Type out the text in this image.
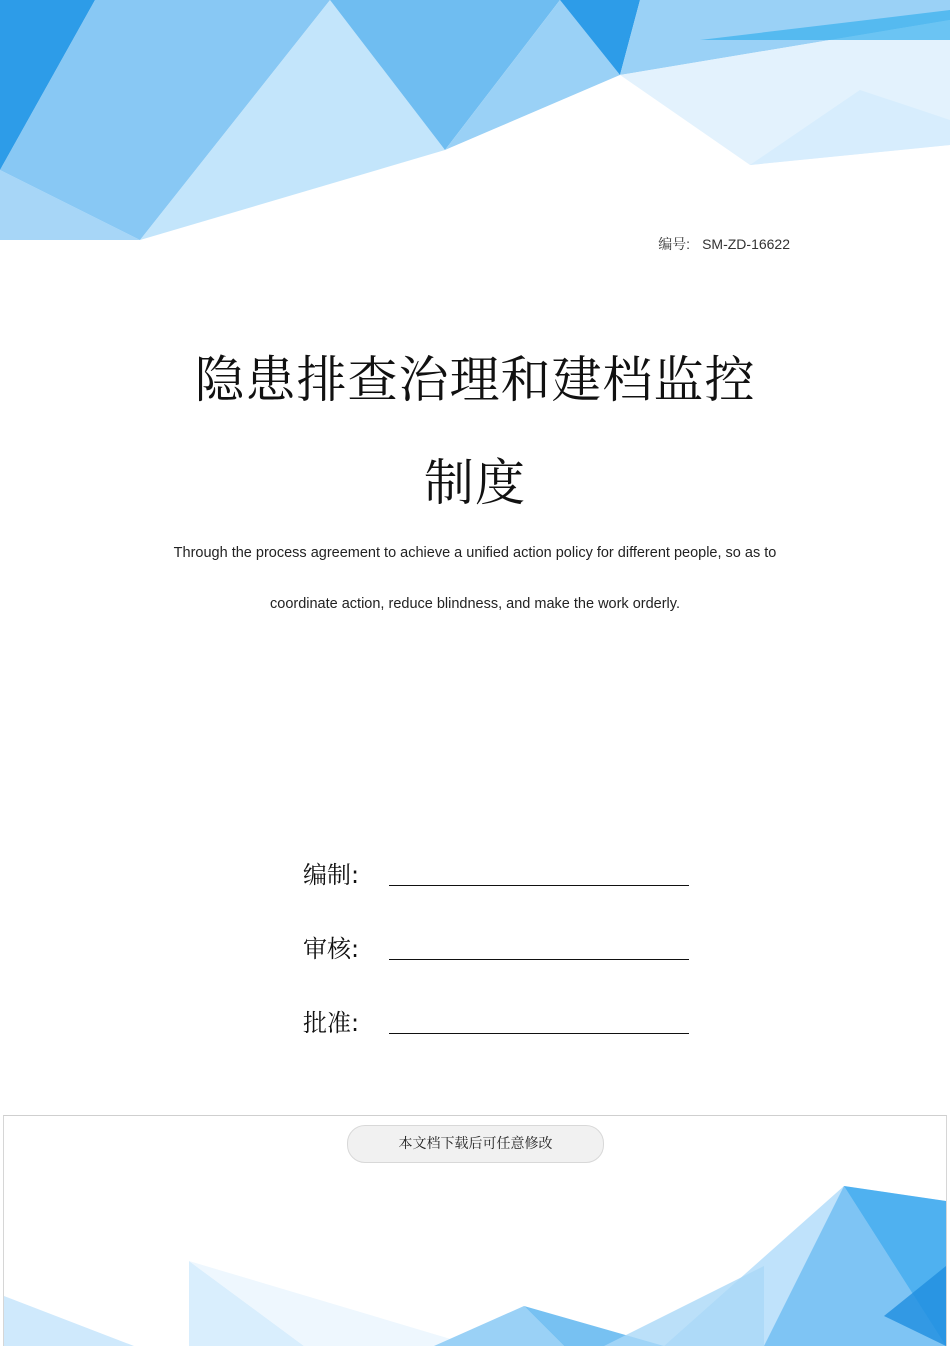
编号: SM-ZD-16622
隐患排查治理和建档监控
制度
Through the process agreement to achieve a unified action policy for different people, so as to
coordinate action, reduce blindness, and make the work orderly.
编制:
审核:
批准:
本文档下载后可任意修改
